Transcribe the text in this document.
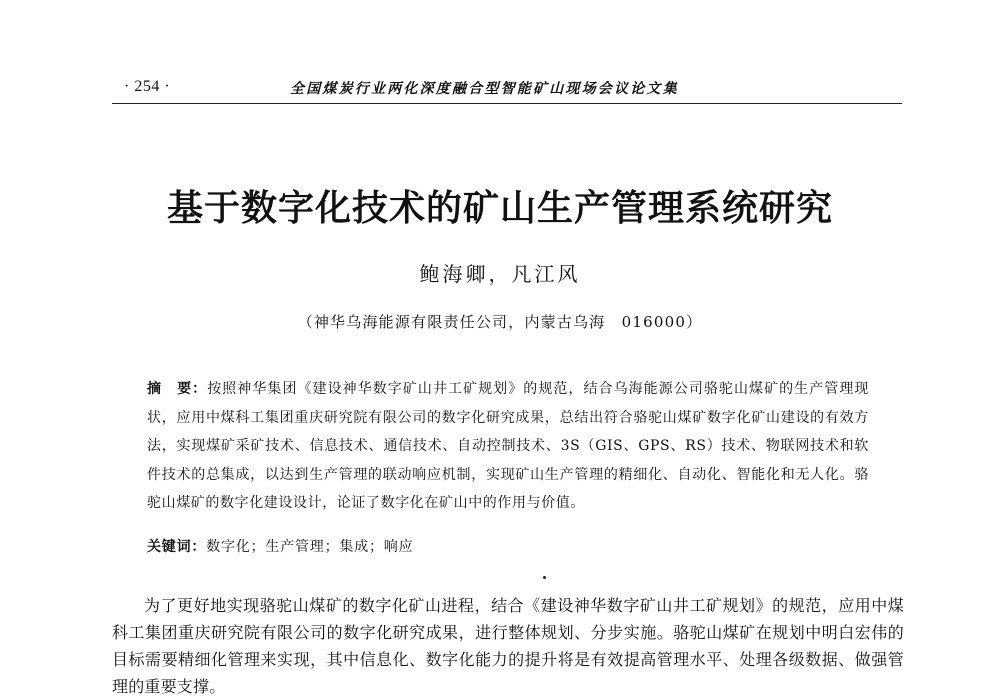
· 254 ·	全国煤炭行业两化深度融合型智能矿山现场会议论文集
基于数字化技术的矿山生产管理系统研究
鲍海卿，凡江风
（神华乌海能源有限责任公司，内蒙古乌海　016000）
摘　要：按照神华集团《建设神华数字矿山井工矿规划》的规范，结合乌海能源公司骆驼山煤矿的生产管理现状，应用中煤科工集团重庆研究院有限公司的数字化研究成果，总结出符合骆驼山煤矿数字化矿山建设的有效方法，实现煤矿采矿技术、信息技术、通信技术、自动控制技术、3S（GIS、GPS、RS）技术、物联网技术和软件技术的总集成，以达到生产管理的联动响应机制，实现矿山生产管理的精细化、自动化、智能化和无人化。骆驼山煤矿的数字化建设设计，论证了数字化在矿山中的作用与价值。
关键词：数字化；生产管理；集成；响应
为了更好地实现骆驼山煤矿的数字化矿山进程，结合《建设神华数字矿山井工矿规划》的规范，应用中煤科工集团重庆研究院有限公司的数字化研究成果，进行整体规划、分步实施。骆驼山煤矿在规划中明白宏伟的目标需要精细化管理来实现，其中信息化、数字化能力的提升将是有效提高管理水平、处理各级数据、做强管理的重要支撑。
